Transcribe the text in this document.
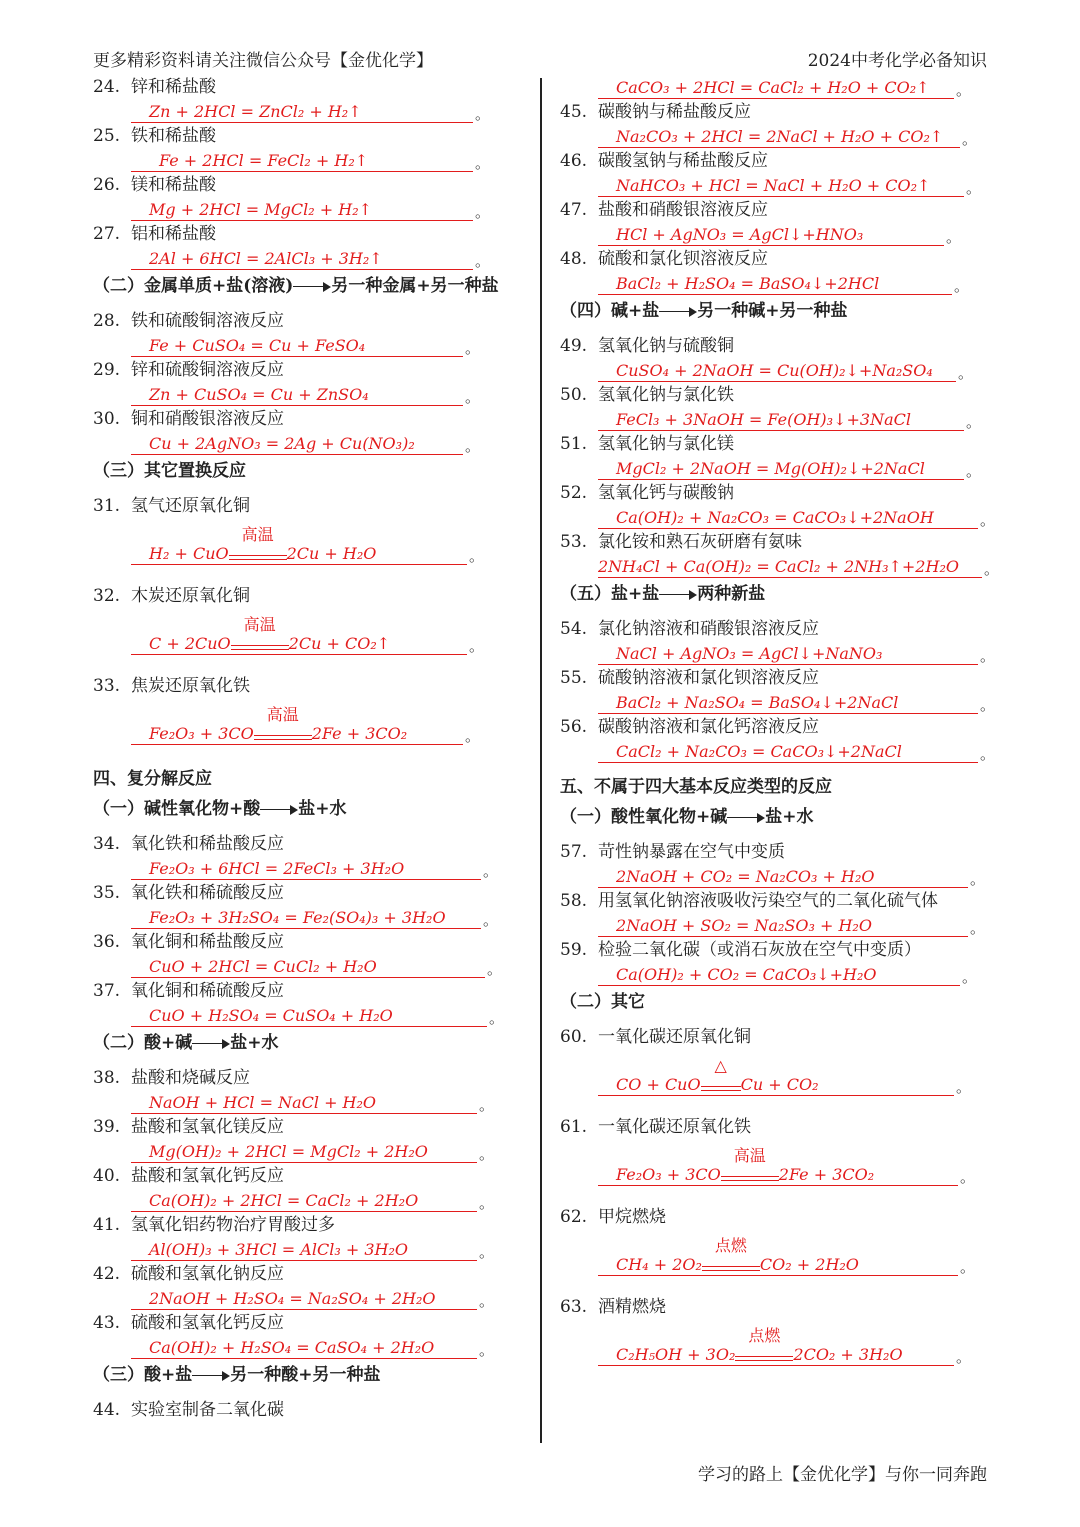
更多精彩资料请关注微信公众号【金优化学】	2024中考化学必备知识
学习的路上【金优化学】与你一同奔跑
24. 锌和稀盐酸
Zn + 2HCl = ZnCl₂ + H₂↑	。
25. 铁和稀盐酸
Fe + 2HCl = FeCl₂ + H₂↑	。
26. 镁和稀盐酸
Mg + 2HCl = MgCl₂ + H₂↑	。
27. 铝和稀盐酸
2Al + 6HCl = 2AlCl₃ + 3H₂↑	。
（二）金属单质+盐(溶液) 另一种金属+另一种盐
28. 铁和硫酸铜溶液反应
Fe + CuSO₄ = Cu + FeSO₄	。
29. 锌和硫酸铜溶液反应
Zn + CuSO₄ = Cu + ZnSO₄	。
30. 铜和硝酸银溶液反应
Cu + 2AgNO₃ = 2Ag + Cu(NO₃)₂	。
（三）其它置换反应
31. 氢气还原氧化铜
H₂ + CuO
高温
2Cu + H₂O	。
32. 木炭还原氧化铜
C + 2CuO
高温
2Cu + CO₂↑	。
33. 焦炭还原氧化铁
Fe₂O₃ + 3CO
高温
2Fe + 3CO₂	。
四、复分解反应
（一）碱性氧化物+酸 盐+水
34. 氧化铁和稀盐酸反应
Fe₂O₃ + 6HCl = 2FeCl₃ + 3H₂O	。
35. 氧化铁和稀硫酸反应
Fe₂O₃ + 3H₂SO₄ = Fe₂(SO₄)₃ + 3H₂O 。
36. 氧化铜和稀盐酸反应
CuO + 2HCl = CuCl₂ + H₂O	。
37. 氧化铜和稀硫酸反应
CuO + H₂SO₄ = CuSO₄ + H₂O	。
（二）酸+碱 盐+水
38. 盐酸和烧碱反应
NaOH + HCl = NaCl + H₂O	。
39. 盐酸和氢氧化镁反应
Mg(OH)₂ + 2HCl = MgCl₂ + 2H₂O	。
40. 盐酸和氢氧化钙反应
Ca(OH)₂ + 2HCl = CaCl₂ + 2H₂O	。
41. 氢氧化铝药物治疗胃酸过多
Al(OH)₃ + 3HCl = AlCl₃ + 3H₂O	。
42. 硫酸和氢氧化钠反应
2NaOH + H₂SO₄ = Na₂SO₄ + 2H₂O	。
43. 硫酸和氢氧化钙反应
Ca(OH)₂ + H₂SO₄ = CaSO₄ + 2H₂O	。
（三）酸+盐 另一种酸+另一种盐
44. 实验室制备二氧化碳
CaCO₃ + 2HCl = CaCl₂ + H₂O + CO₂↑ 。
45. 碳酸钠与稀盐酸反应
Na₂CO₃ + 2HCl = 2NaCl + H₂O + CO₂↑ 。
46. 碳酸氢钠与稀盐酸反应
NaHCO₃ + HCl = NaCl + H₂O + CO₂↑ 。
47. 盐酸和硝酸银溶液反应
HCl + AgNO₃ = AgCl↓+HNO₃	。
48. 硫酸和氯化钡溶液反应
BaCl₂ + H₂SO₄ = BaSO₄↓+2HCl	。
（四）碱+盐 另一种碱+另一种盐
49. 氢氧化钠与硫酸铜
CuSO₄ + 2NaOH = Cu(OH)₂↓+Na₂SO₄ 。
50. 氢氧化钠与氯化铁
FeCl₃ + 3NaOH = Fe(OH)₃↓+3NaCl	。
51. 氢氧化钠与氯化镁
MgCl₂ + 2NaOH = Mg(OH)₂↓+2NaCl	。
52. 氢氧化钙与碳酸钠
Ca(OH)₂ + Na₂CO₃ = CaCO₃↓+2NaOH	。
53. 氯化铵和熟石灰研磨有氨味
2NH₄Cl + Ca(OH)₂ = CaCl₂ + 2NH₃↑+2H₂O 。
（五）盐+盐 两种新盐
54. 氯化钠溶液和硝酸银溶液反应
NaCl + AgNO₃ = AgCl↓+NaNO₃	。
55. 硫酸钠溶液和氯化钡溶液反应
BaCl₂ + Na₂SO₄ = BaSO₄↓+2NaCl	。
56. 碳酸钠溶液和氯化钙溶液反应
CaCl₂ + Na₂CO₃ = CaCO₃↓+2NaCl	。
五、不属于四大基本反应类型的反应
（一）酸性氧化物+碱 盐+水
57. 苛性钠暴露在空气中变质
2NaOH + CO₂ = Na₂CO₃ + H₂O	。
58. 用氢氧化钠溶液吸收污染空气的二氧化硫气体
2NaOH + SO₂ = Na₂SO₃ + H₂O	。
59. 检验二氧化碳（或消石灰放在空气中变质）
Ca(OH)₂ + CO₂ = CaCO₃↓+H₂O	。
（二）其它
60. 一氧化碳还原氧化铜
CO + CuO
△
Cu + CO₂	。
61. 一氧化碳还原氧化铁
Fe₂O₃ + 3CO
高温
2Fe + 3CO₂	。
62. 甲烷燃烧
CH₄ + 2O₂
点燃
CO₂ + 2H₂O	。
63. 酒精燃烧
C₂H₅OH + 3O₂
点燃
2CO₂ + 3H₂O	。
